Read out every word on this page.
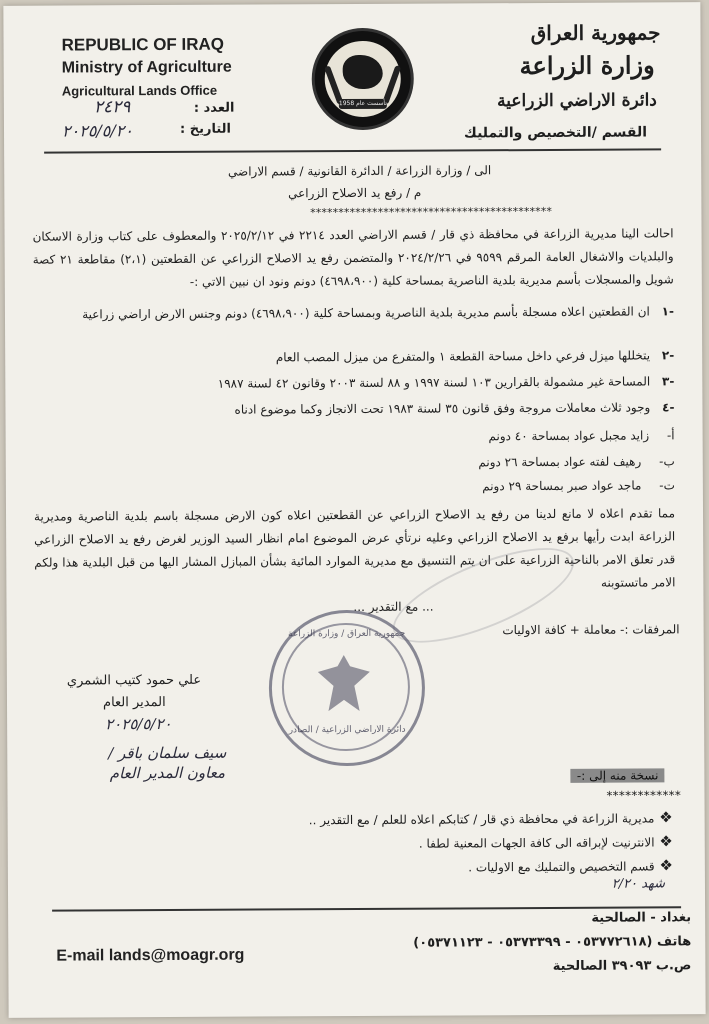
REPUBLIC OF IRAQ
Ministry of Agriculture
Agricultural Lands Office
٢٤٢٩	العدد :
٢٠٢٥/٥/٢٠	التاريخ :
تأسست عام 1958
جمهورية العراق
وزارة الزراعة
دائرة الاراضي الزراعية
القسم /التخصيص والتمليك
الى / وزارة الزراعة / الدائرة القانونية / قسم الاراضي
م / رفع يد الاصلاح الزراعي
*******************************************
احالت الينا مديرية الزراعة في محافظة ذي قار / قسم الاراضي العدد ٢٢١٤ في ٢٠٢٥/٢/١٢ والمعطوف على كتاب وزارة الاسكان والبلديات والاشغال العامة المرقم ٩٥٩٩ في ٢٠٢٤/٢/٢٦ والمتضمن رفع يد الاصلاح الزراعي عن القطعتين (٢،١) مقاطعة ٢١ كصة شويل والمسجلات بأسم مديرية بلدية الناصرية بمساحة كلية (٤٦٩٨،٩٠٠) دونم ونود ان نبين الاتي :-
-١ ان القطعتين اعلاه مسجلة بأسم مديرية بلدية الناصرية وبمساحة كلية (٤٦٩٨،٩٠٠) دونم وجنس الارض اراضي زراعية
-٢ يتخللها ميزل فرعي داخل مساحة القطعة ١ والمتفرع من ميزل المصب العام
-٣ المساحة غير مشمولة بالقرارين ١٠٣ لسنة ١٩٩٧ و ٨٨ لسنة ٢٠٠٣ وقانون ٤٢ لسنة ١٩٨٧
-٤ وجود ثلاث معاملات مروجة وفق قانون ٣٥ لسنة ١٩٨٣ تحت الانجاز وكما موضوع ادناه
أ- زايد مجبل عواد بمساحة ٤٠ دونم
ب- رهيف لفته عواد بمساحة ٢٦ دونم
ت- ماجد عواد صبر بمساحة ٢٩ دونم
مما تقدم اعلاه لا مانع لدينا من رفع يد الاصلاح الزراعي عن القطعتين اعلاه كون الارض مسجلة باسم بلدية الناصرية ومديرية الزراعة ابدت رأيها برفع يد الاصلاح الزراعي وعليه نرتأي عرض الموضوع امام انظار السيد الوزير لغرض رفع يد الاصلاح الزراعي قدر تعلق الامر بالناحية الزراعية على ان يتم التنسيق مع مديرية الموارد المائية بشأن المبازل المشار اليها من قبل البلدية هذا ولكم الامر ماتستوبنه
... مع التقدير ...
المرفقات :- معاملة + كافة الاوليات
علي حمود كتيب الشمري
المدير العام
٢٠٢٥/٥/٢٠
سيف سلمان باقر / معاون المدير العام
جمهورية العراق / وزارة الزراعة
دائرة الاراضي الزراعية / الصادر
نسخة منه إلى :-
************
❖ مديرية الزراعة في محافظة ذي قار / كتابكم اعلاه للعلم / مع التقدير ..
❖ الانترنيت لإبراقه الى كافة الجهات المعنية لطفا .
❖ قسم التخصيص والتمليك مع الاوليات .
شهد ٢/٢٠
E-mail lands@moagr.org
بغداد - الصالحية
هاتف (٠٥٣٧٧٢٦١٨ - ٠٥٣٧٣٣٩٩ - ٠٥٣٧١١٢٣)
ص.ب ٣٩٠٩٣ الصالحية
